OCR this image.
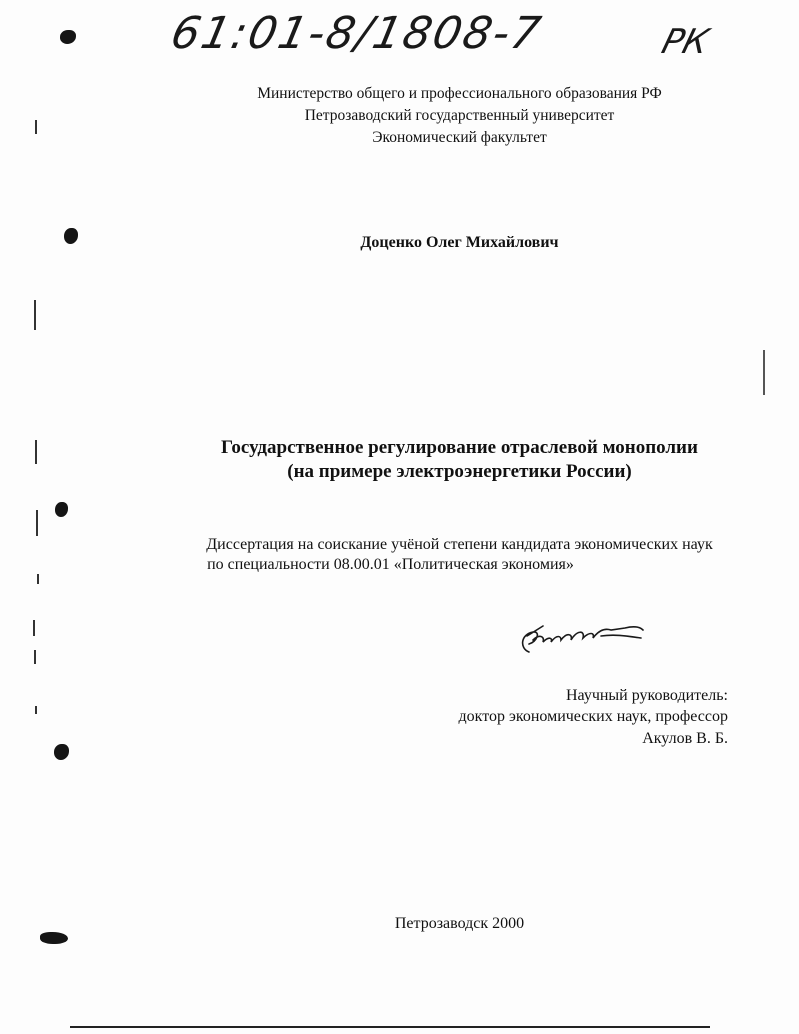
61:01-8/1808-7	РК
Министерство общего и профессионального образования РФ
Петрозаводский государственный университет
Экономический факультет
Доценко Олег Михайлович
Государственное регулирование отраслевой монополии
(на примере электроэнергетики России)
Диссертация на соискание учёной степени кандидата экономических наук
по специальности 08.00.01 «Политическая экономия»
Научный руководитель:
доктор экономических наук, профессор
Акулов В. Б.
Петрозаводск 2000
